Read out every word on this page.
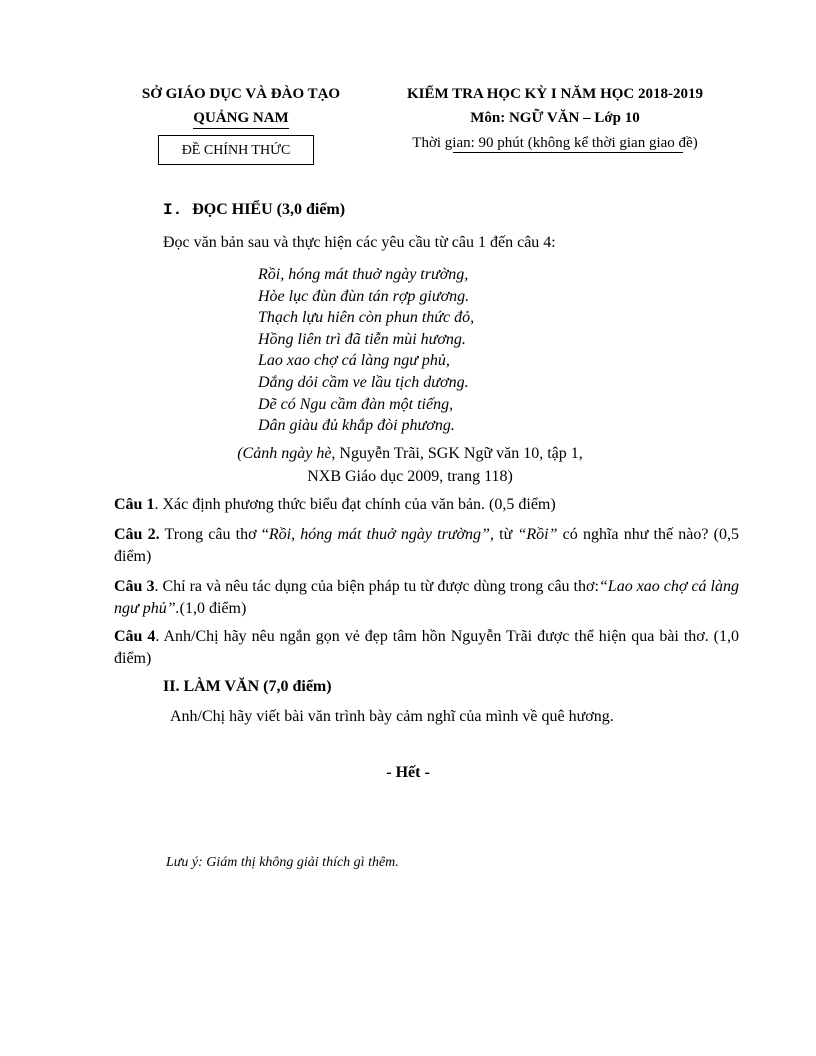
SỞ GIÁO DỤC VÀ ĐÀO TẠO
QUẢNG NAM
ĐỀ CHÍNH THỨC
KIỂM TRA HỌC KỲ I NĂM HỌC 2018-2019
Môn: NGỮ VĂN – Lớp 10
Thời gian: 90 phút (không kể thời gian giao đề)
I. ĐỌC HIỂU (3,0 điểm)
Đọc văn bản sau và thực hiện các yêu cầu từ câu 1 đến câu 4:
Rồi, hóng mát thuở ngày trường,
Hòe lục đùn đùn tán rợp giương.
Thạch lựu hiên còn phun thức đỏ,
Hồng liên trì đã tiễn mùi hương.
Lao xao chợ cá làng ngư phủ,
Dắng dỏi cầm ve lầu tịch dương.
Dẽ có Ngu cầm đàn một tiếng,
Dân giàu đủ khắp đòi phương.
(Cảnh ngày hè, Nguyễn Trãi, SGK Ngữ văn 10, tập 1,
NXB Giáo dục 2009, trang 118)
Câu 1. Xác định phương thức biểu đạt chính của văn bản. (0,5 điểm)
Câu 2. Trong câu thơ “Rồi, hóng mát thuở ngày trường”, từ “Rồi” có nghĩa như thế nào? (0,5 điểm)
Câu 3. Chỉ ra và nêu tác dụng của biện pháp tu từ được dùng trong câu thơ:“Lao xao chợ cá làng ngư phủ”.(1,0 điểm)
Câu 4. Anh/Chị hãy nêu ngắn gọn vẻ đẹp tâm hồn Nguyễn Trãi được thể hiện qua bài thơ. (1,0 điểm)
II. LÀM VĂN (7,0 điểm)
Anh/Chị hãy viết bài văn trình bày cảm nghĩ của mình về quê hương.
- Hết -
Lưu ý: Giám thị không giải thích gì thêm.
